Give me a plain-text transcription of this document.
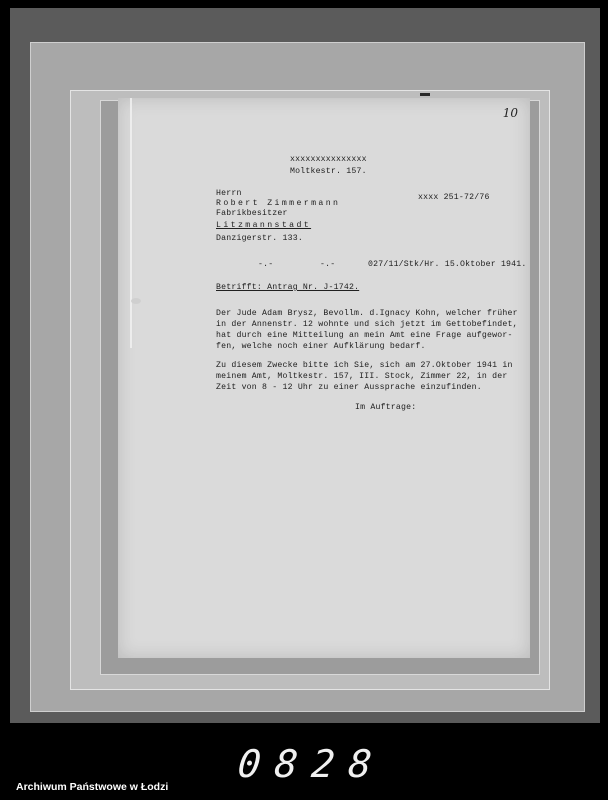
10
xxxxxxxxxxxxxxx
Moltkestr. 157.
Herrn
Robert Zimmermann
Fabrikbesitzer
Litzmannstadt
Danzigerstr. 133.
xxxx 251-72/76
-.-	-.-	027/11/Stk/Hr. 15.Oktober 1941.
Betrifft: Antrag Nr. J-1742.
Der Jude Adam Brysz, Bevollm. d.Ignacy Kohn, welcher früher
in der Annenstr. 12 wohnte und sich jetzt im Gettobefindet,
hat durch eine Mitteilung an mein Amt eine Frage aufgewor-
fen, welche noch einer Aufklärung bedarf.
Zu diesem Zwecke bitte ich Sie, sich am 27.Oktober 1941 in
meinem Amt, Moltkestr. 157, III. Stock, Zimmer 22, in der
Zeit von 8 - 12 Uhr zu einer Aussprache einzufinden.
Im Auftrage:
0828
Archiwum Państwowe w Łodzi
